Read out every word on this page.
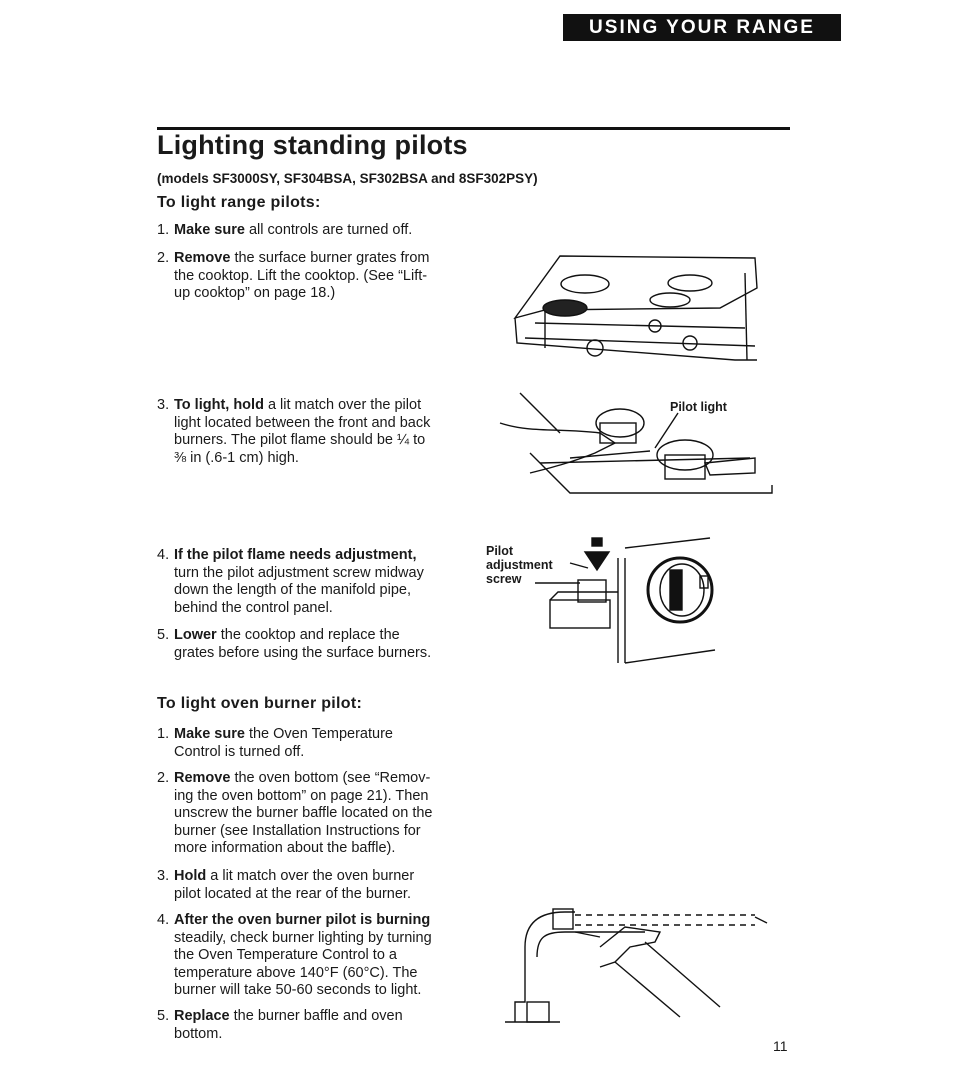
USING YOUR RANGE
Lighting standing pilots
(models SF3000SY, SF304BSA, SF302BSA and 8SF302PSY)
To light range pilots:
1. Make sure all controls are turned off.
2. Remove the surface burner grates from
the cooktop. Lift the cooktop. (See “Lift-
up cooktop” on page 18.)
3. To light, hold a lit match over the pilot
light located between the front and back
burners. The pilot flame should be ¼ to
⅜ in (.6-1 cm) high.
4. If the pilot flame needs adjustment,
turn the pilot adjustment screw midway
down the length of the manifold pipe,
behind the control panel.
5. Lower the cooktop and replace the
grates before using the surface burners.
To light oven burner pilot:
1. Make sure the Oven Temperature
Control is turned off.
2. Remove the oven bottom (see “Remov-
ing the oven bottom” on page 21). Then
unscrew the burner baffle located on the
burner (see Installation Instructions for
more information about the baffle).
3. Hold a lit match over the oven burner
pilot located at the rear of the burner.
4. After the oven burner pilot is burning
steadily, check burner lighting by turning
the Oven Temperature Control to a
temperature above 140°F (60°C). The
burner will take 50-60 seconds to light.
5. Replace the burner baffle and oven
bottom.
Pilot light
Pilot
adjustment
screw
11
